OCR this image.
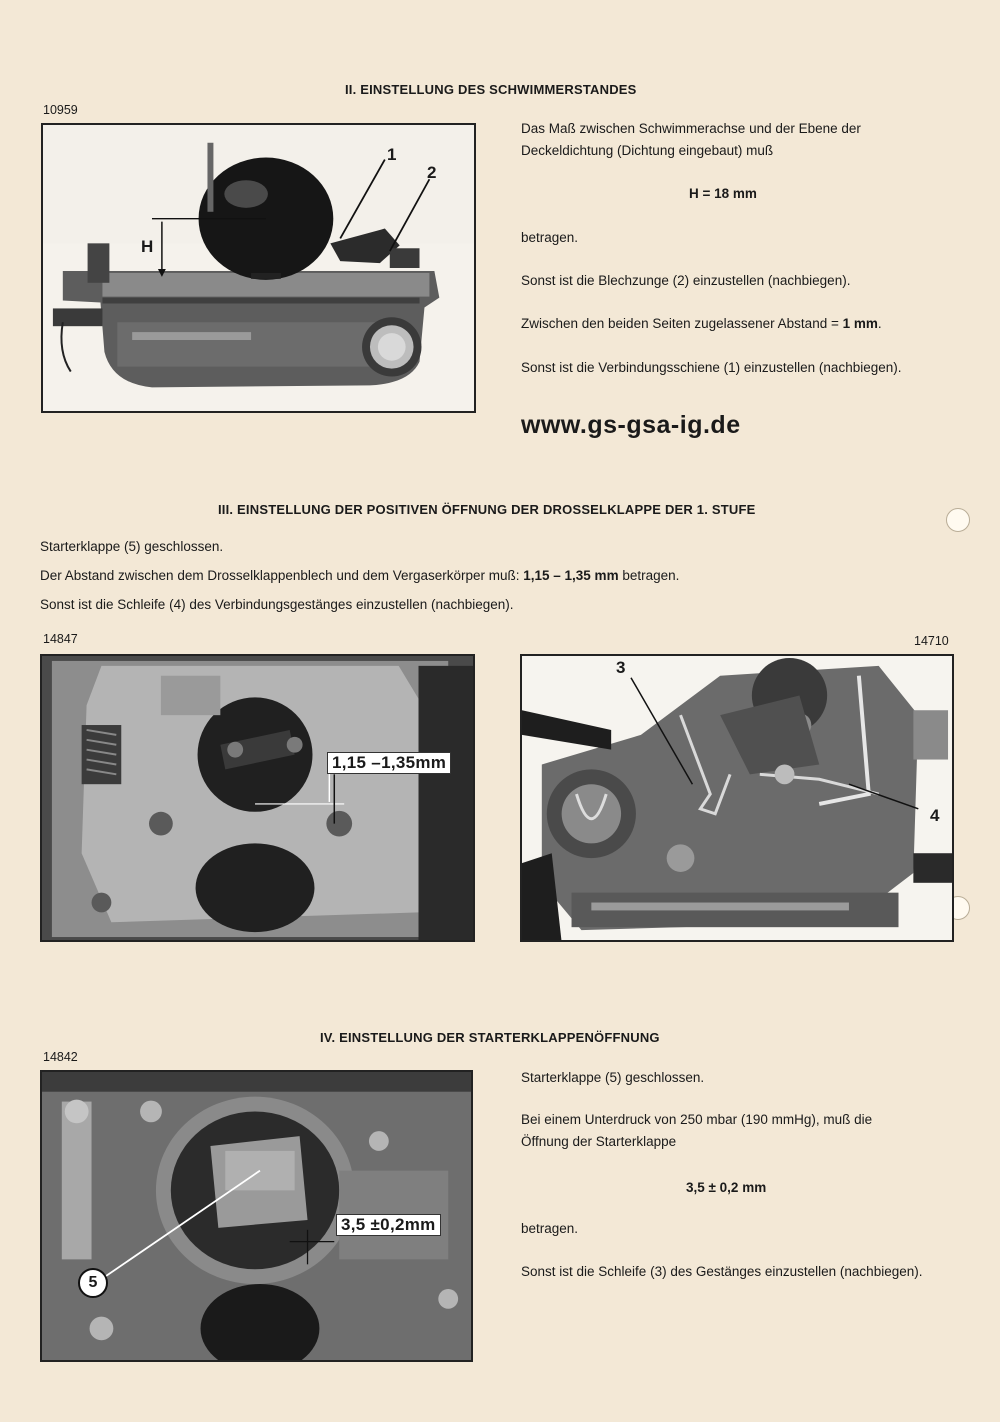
II. EINSTELLUNG DES SCHWIMMERSTANDES
10959
1
2
H
Das Maß zwischen Schwimmerachse und der Ebene der
Deckeldichtung (Dichtung eingebaut) muß
H = 18 mm
betragen.
Sonst ist die Blechzunge (2) einzustellen (nachbiegen).
Zwischen den beiden Seiten zugelassener Abstand = 1 mm.
Sonst ist die Verbindungsschiene (1) einzustellen (nachbiegen).
www.gs-gsa-ig.de
III. EINSTELLUNG DER POSITIVEN ÖFFNUNG DER DROSSELKLAPPE DER 1. STUFE
Starterklappe (5) geschlossen.
Der Abstand zwischen dem Drosselklappenblech und dem Vergaserkörper muß: 1,15 – 1,35 mm betragen.
Sonst ist die Schleife (4) des Verbindungsgestänges einzustellen (nachbiegen).
14847	14710
1,15 –1,35mm
3
4
IV. EINSTELLUNG DER STARTERKLAPPENÖFFNUNG
14842
3,5 ±0,2mm
5
Starterklappe (5) geschlossen.
Bei einem Unterdruck von 250 mbar (190 mmHg), muß die
Öffnung der Starterklappe
3,5 ± 0,2 mm
betragen.
Sonst ist die Schleife (3) des Gestänges einzustellen (nachbiegen).
